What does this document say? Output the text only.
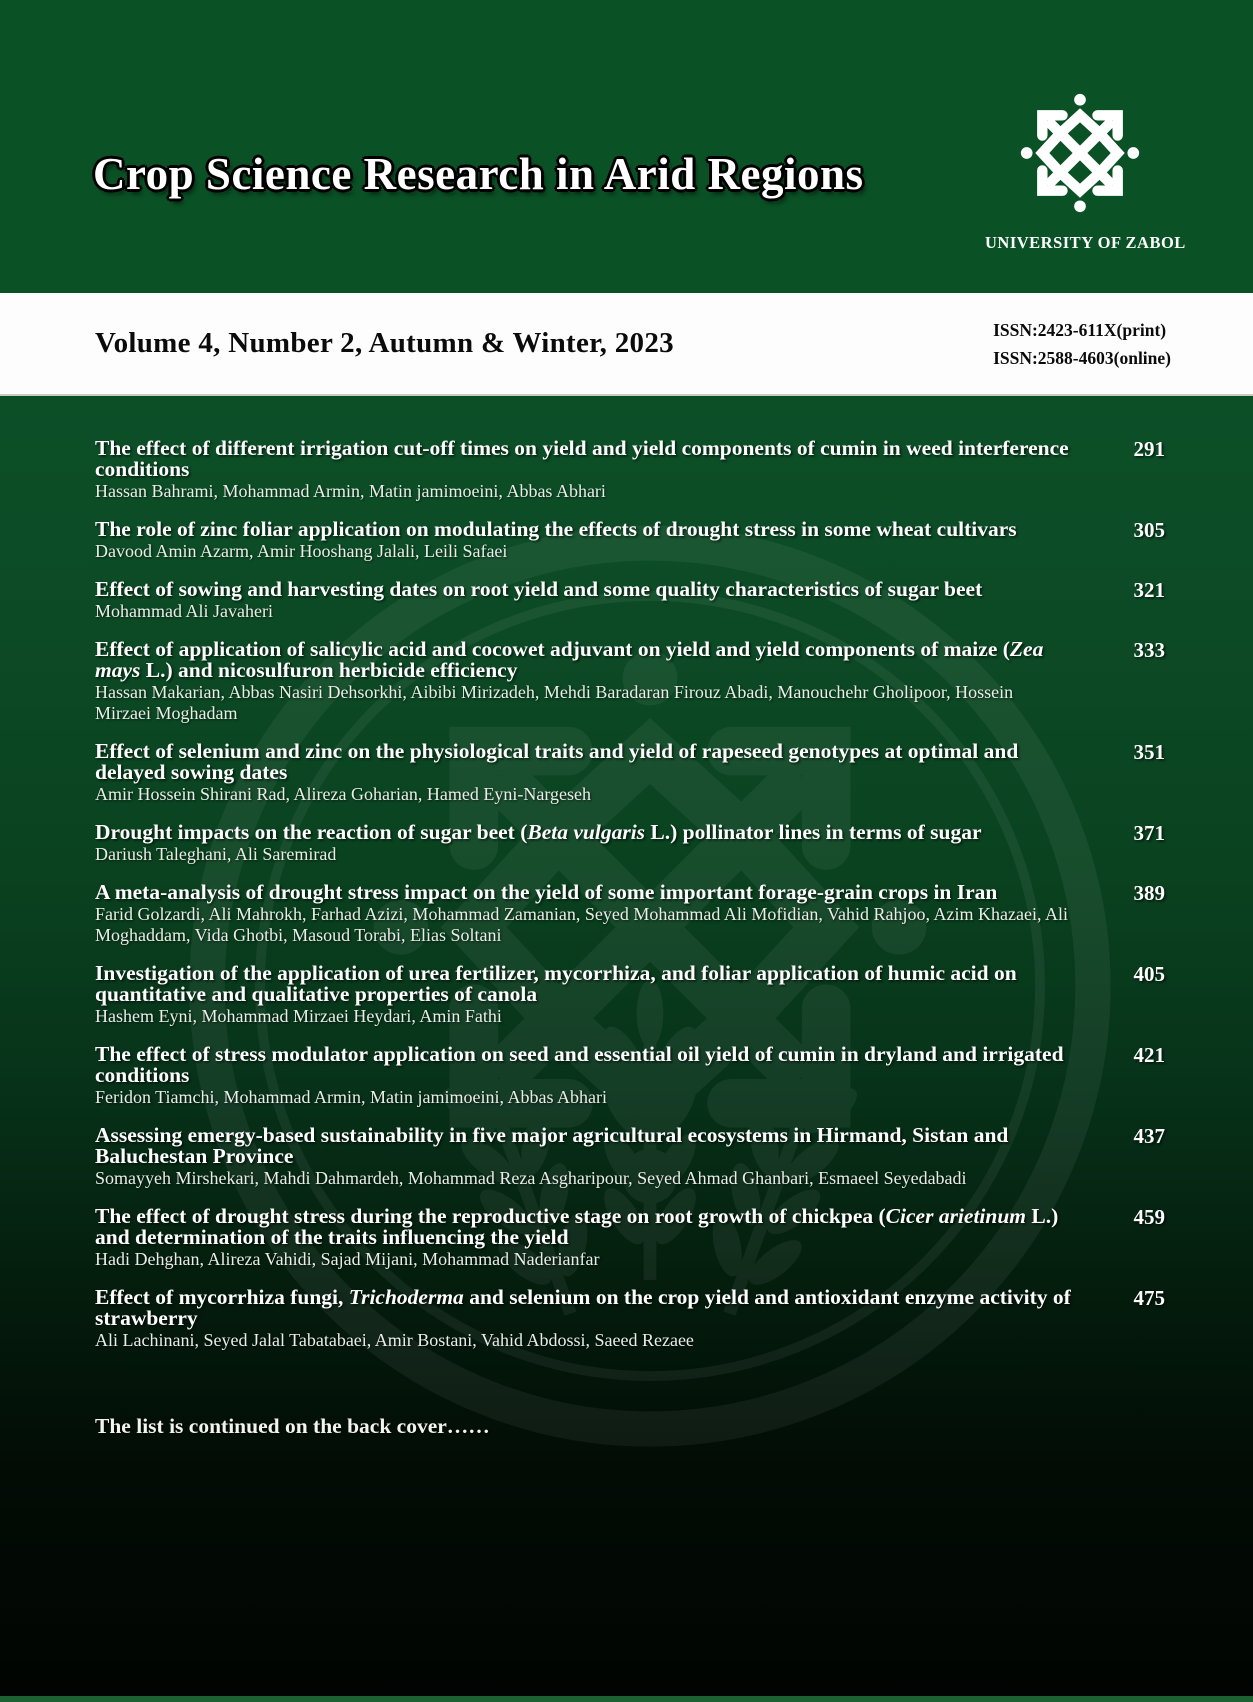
Crop Science Research in Arid Regions
UNIVERSITY OF ZABOL
Volume 4, Number 2, Autumn & Winter, 2023	ISSN:2423-611X(print)
ISSN:2588-4603(online)
The effect of different irrigation cut-off times on yield and yield components of cumin in weed interference conditions
Hassan Bahrami, Mohammad Armin, Matin jamimoeini, Abbas Abhari
291
The role of zinc foliar application on modulating the effects of drought stress in some wheat cultivars
Davood Amin Azarm, Amir Hooshang Jalali, Leili Safaei
305
Effect of sowing and harvesting dates on root yield and some quality characteristics of sugar beet
Mohammad Ali Javaheri
321
Effect of application of salicylic acid and cocowet adjuvant on yield and yield components of maize (Zea mays L.) and nicosulfuron herbicide efficiency
Hassan Makarian, Abbas Nasiri Dehsorkhi, Aibibi Mirizadeh, Mehdi Baradaran Firouz Abadi, Manouchehr Gholipoor, Hossein Mirzaei Moghadam
333
Effect of selenium and zinc on the physiological traits and yield of rapeseed genotypes at optimal and delayed sowing dates
Amir Hossein Shirani Rad, Alireza Goharian, Hamed Eyni-Nargeseh
351
Drought impacts on the reaction of sugar beet (Beta vulgaris L.) pollinator lines in terms of sugar
Dariush Taleghani, Ali Saremirad
371
A meta-analysis of drought stress impact on the yield of some important forage-grain crops in Iran
Farid Golzardi, Ali Mahrokh, Farhad Azizi, Mohammad Zamanian, Seyed Mohammad Ali Mofidian, Vahid Rahjoo, Azim Khazaei, Ali Moghaddam, Vida Ghotbi, Masoud Torabi, Elias Soltani
389
Investigation of the application of urea fertilizer, mycorrhiza, and foliar application of humic acid on quantitative and qualitative properties of canola
Hashem Eyni, Mohammad Mirzaei Heydari, Amin Fathi
405
The effect of stress modulator application on seed and essential oil yield of cumin in dryland and irrigated conditions
Feridon Tiamchi, Mohammad Armin, Matin jamimoeini, Abbas Abhari
421
Assessing emergy-based sustainability in five major agricultural ecosystems in Hirmand, Sistan and Baluchestan Province
Somayyeh Mirshekari, Mahdi Dahmardeh, Mohammad Reza Asgharipour, Seyed Ahmad Ghanbari, Esmaeel Seyedabadi
437
The effect of drought stress during the reproductive stage on root growth of chickpea (Cicer arietinum L.) and determination of the traits influencing the yield
Hadi Dehghan, Alireza Vahidi, Sajad Mijani, Mohammad Naderianfar
459
Effect of mycorrhiza fungi, Trichoderma and selenium on the crop yield and antioxidant enzyme activity of strawberry
Ali Lachinani, Seyed Jalal Tabatabaei, Amir Bostani, Vahid Abdossi, Saeed Rezaee
475
The list is continued on the back cover……
